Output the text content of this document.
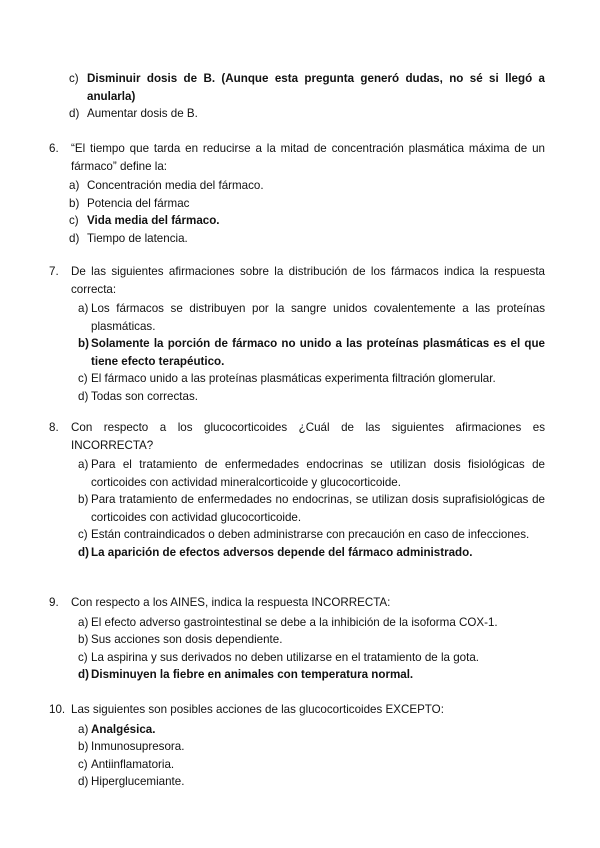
c) Disminuir dosis de B. (Aunque esta pregunta generó dudas, no sé si llegó a anularla)
d) Aumentar dosis de B.
6. “El tiempo que tarda en reducirse a la mitad de concentración plasmática máxima de un fármaco” define la:
a) Concentración media del fármaco.
b) Potencia del fármac
c) Vida media del fármaco.
d) Tiempo de latencia.
7. De las siguientes afirmaciones sobre la distribución de los fármacos indica la respuesta correcta:
a) Los fármacos se distribuyen por la sangre unidos covalentemente a las proteínas plasmáticas.
b) Solamente la porción de fármaco no unido a las proteínas plasmáticas es el que tiene efecto terapéutico.
c) El fármaco unido a las proteínas plasmáticas experimenta filtración glomerular.
d) Todas son correctas.
8. Con respecto a los glucocorticoides ¿Cuál de las siguientes afirmaciones es INCORRECTA?
a) Para el tratamiento de enfermedades endocrinas se utilizan dosis fisiológicas de corticoides con actividad mineralcorticoide y glucocorticoide.
b) Para tratamiento de enfermedades no endocrinas, se utilizan dosis suprafisiológicas de corticoides con actividad glucocorticoide.
c) Están contraindicados o deben administrarse con precaución en caso de infecciones.
d) La aparición de efectos adversos depende del fármaco administrado.
9. Con respecto a los AINES, indica la respuesta INCORRECTA:
a) El efecto adverso gastrointestinal se debe a la inhibición de la isoforma COX-1.
b) Sus acciones son dosis dependiente.
c) La aspirina y sus derivados no deben utilizarse en el tratamiento de la gota.
d) Disminuyen la fiebre en animales con temperatura normal.
10. Las siguientes son posibles acciones de las glucocorticoides EXCEPTO:
a) Analgésica.
b) Inmunosupresora.
c) Antiinflamatoria.
d) Hiperglucemiante.
